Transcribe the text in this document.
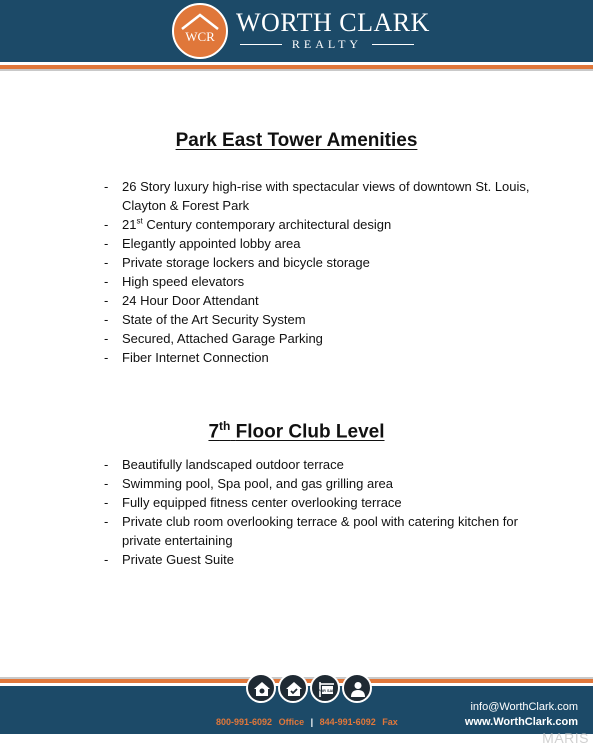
WCR WORTH CLARK
REALTY
Park East Tower Amenities
- 26 Story luxury high-rise with spectacular views of downtown St. Louis, Clayton & Forest Park
- 21st Century contemporary architectural design
- Elegantly appointed lobby area
- Private storage lockers and bicycle storage
- High speed elevators
- 24 Hour Door Attendant
- State of the Art Security System
- Secured, Attached Garage Parking
- Fiber Internet Connection
7th Floor Club Level
- Beautifully landscaped outdoor terrace
- Swimming pool, Spa pool, and gas grilling area
- Fully equipped fitness center overlooking terrace
- Private club room overlooking terrace & pool with catering kitchen for private entertaining
- Private Guest Suite
FOR SALE
800-991-6092 Office | 844-991-6092 Fax
info@WorthClark.com
www.WorthClark.com
MARIS
